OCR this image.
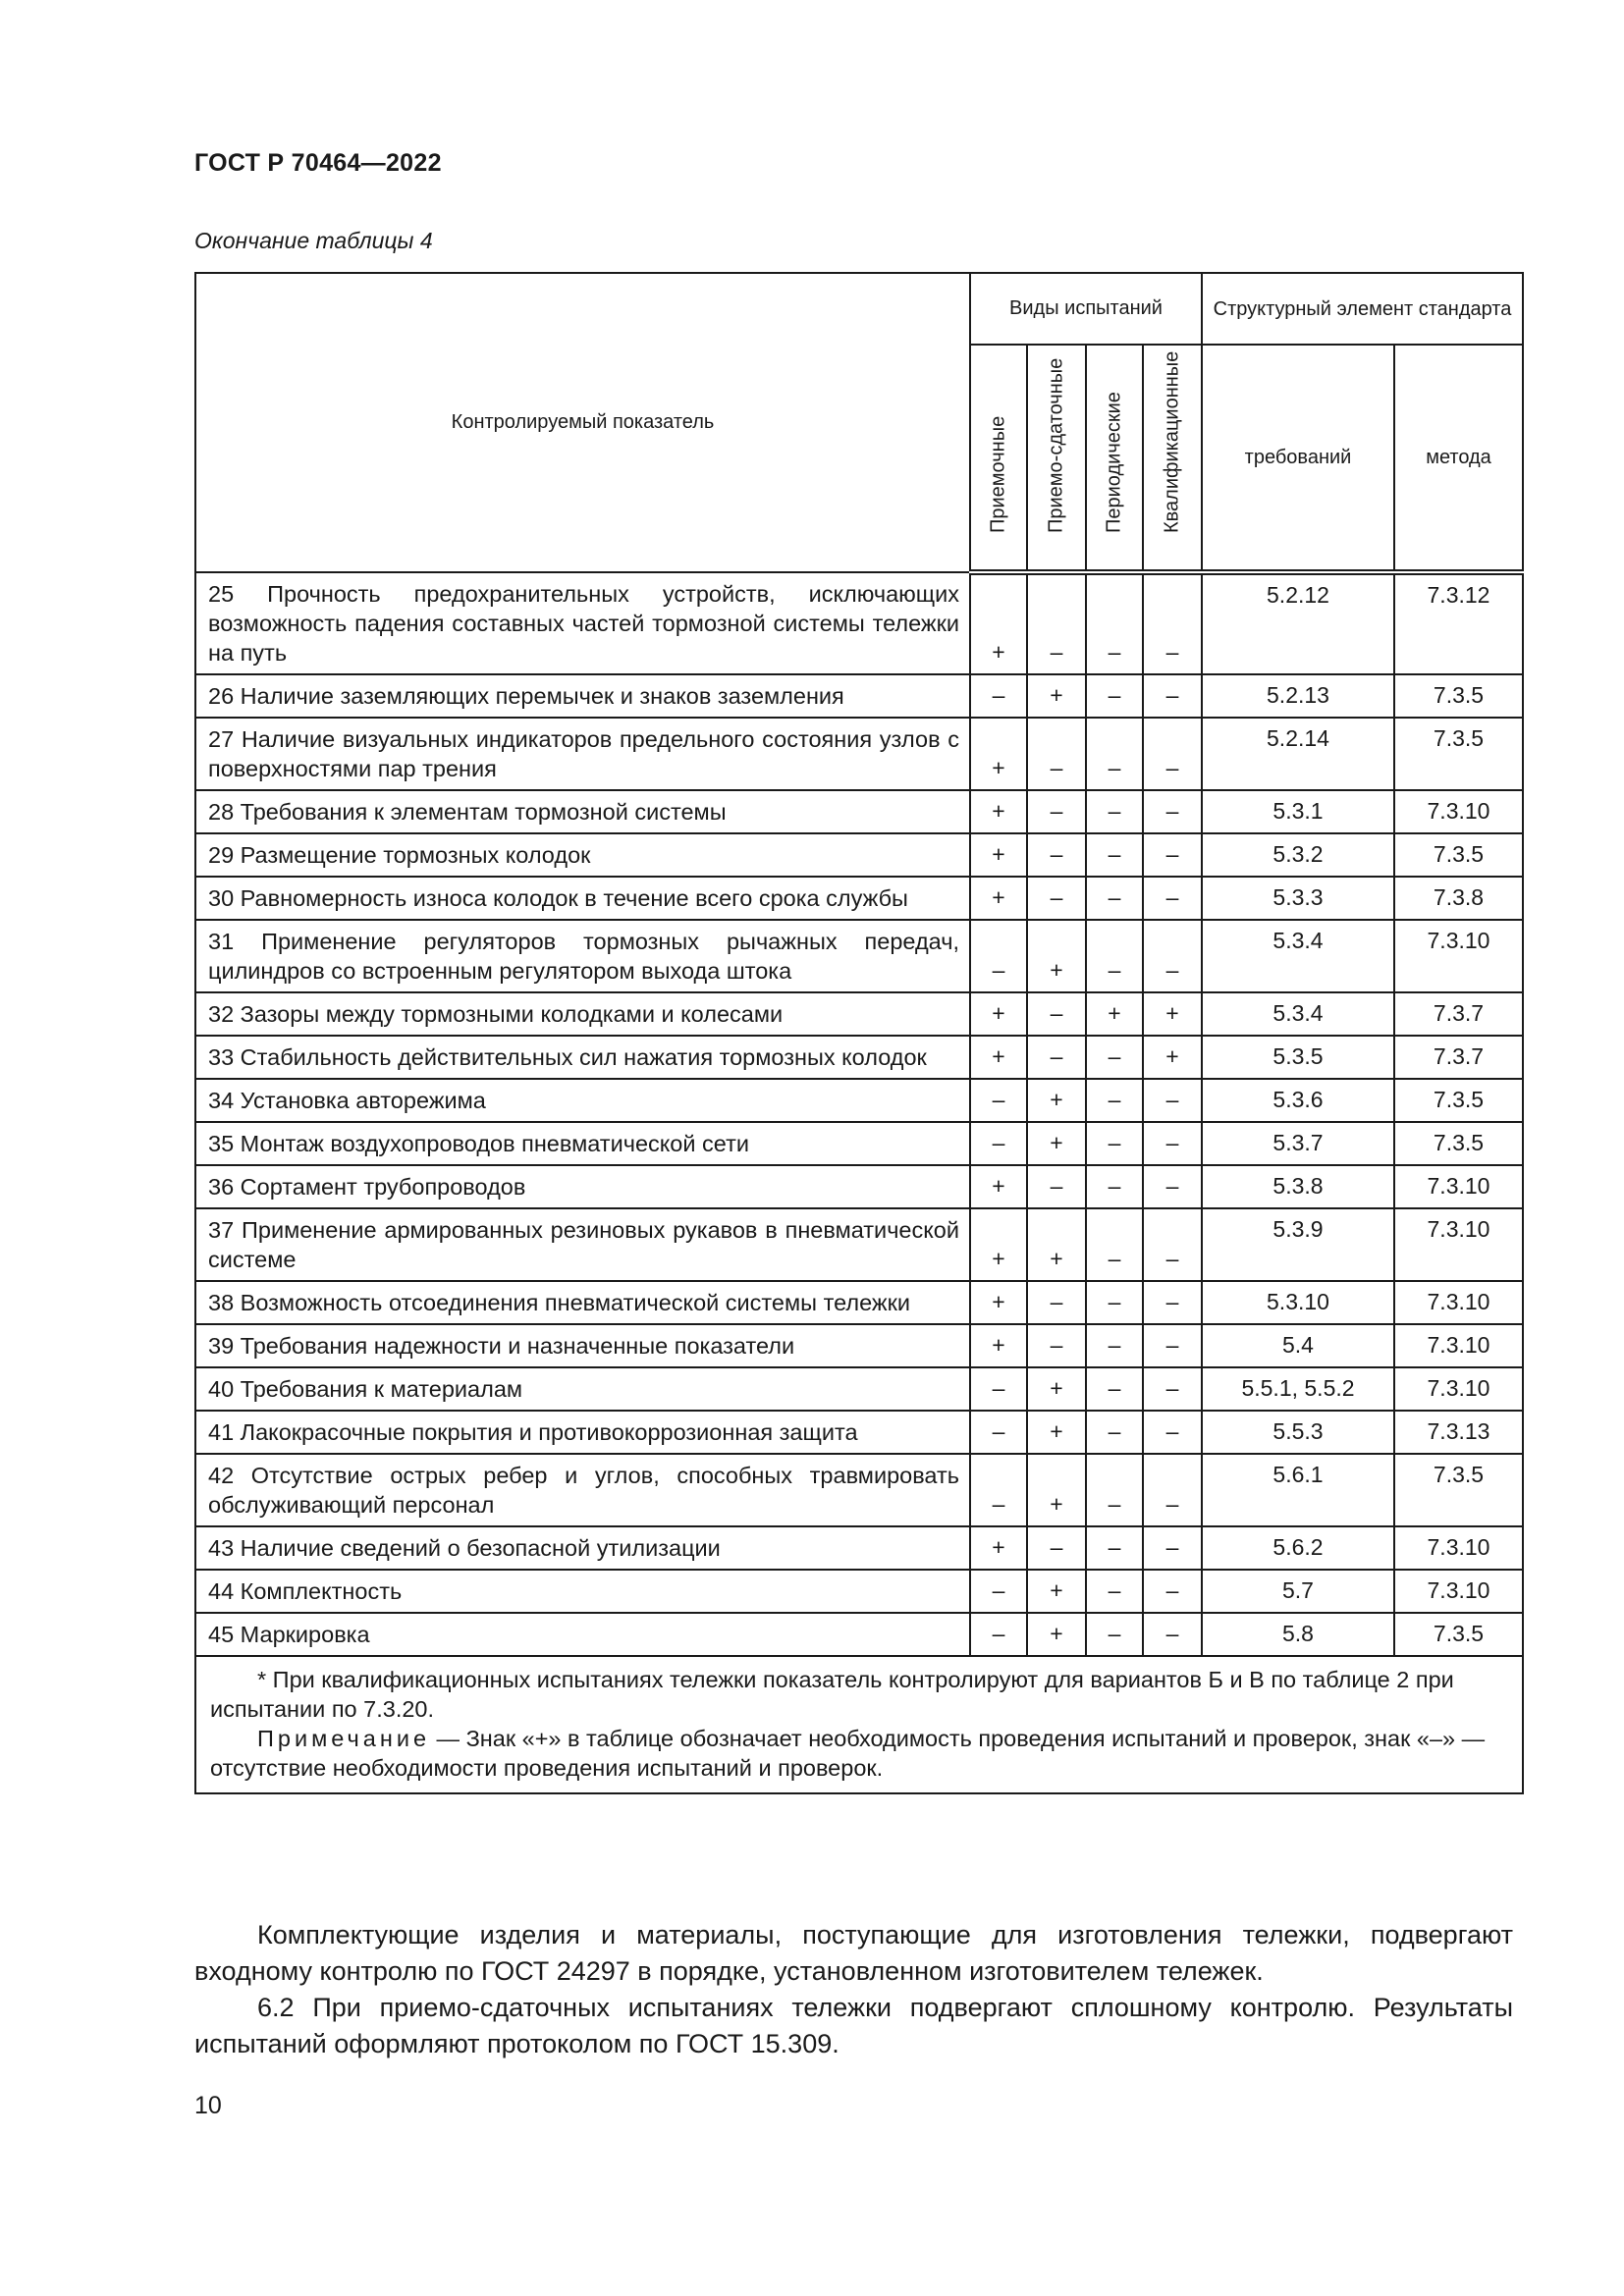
ГОСТ Р 70464—2022
Окончание таблицы 4
Контролируемый показатель	Виды испытаний				Структурный элемент стандарта	

	Приемочные	Приемо-сдаточные	Периодические	Квалификационные	требований	метода
25 Прочность предохранительных устройств, исключающих возможность падения составных частей тормозной системы тележки на путь	+	–	–	–	5.2.12	7.3.12
26 Наличие заземляющих перемычек и знаков заземления	–	+	–	–	5.2.13	7.3.5
27 Наличие визуальных индикаторов предельного состояния узлов с поверхностями пар трения	+	–	–	–	5.2.14	7.3.5
28 Требования к элементам тормозной системы	+	–	–	–	5.3.1	7.3.10
29 Размещение тормозных колодок	+	–	–	–	5.3.2	7.3.5
30 Равномерность износа колодок в течение всего срока службы	+	–	–	–	5.3.3	7.3.8
31 Применение регуляторов тормозных рычажных передач, цилиндров со встроенным регулятором выхода штока	–	+	–	–	5.3.4	7.3.10
32 Зазоры между тормозными колодками и колесами	+	–	+	+	5.3.4	7.3.7
33 Стабильность действительных сил нажатия тормозных колодок	+	–	–	+	5.3.5	7.3.7
34 Установка авторежима	–	+	–	–	5.3.6	7.3.5
35 Монтаж воздухопроводов пневматической сети	–	+	–	–	5.3.7	7.3.5
36 Сортамент трубопроводов	+	–	–	–	5.3.8	7.3.10
37 Применение армированных резиновых рукавов в пневматической системе	+	+	–	–	5.3.9	7.3.10
38 Возможность отсоединения пневматической системы тележки	+	–	–	–	5.3.10	7.3.10
39 Требования надежности и назначенные показатели	+	–	–	–	5.4	7.3.10
40 Требования к материалам	–	+	–	–	5.5.1, 5.5.2	7.3.10
41 Лакокрасочные покрытия и противокоррозионная защита	–	+	–	–	5.5.3	7.3.13
42 Отсутствие острых ребер и углов, способных травмировать обслуживающий персонал	–	+	–	–	5.6.1	7.3.5
43 Наличие сведений о безопасной утилизации	+	–	–	–	5.6.2	7.3.10
44 Комплектность	–	+	–	–	5.7	7.3.10
45 Маркировка	–	+	–	–	5.8	7.3.5

* При квалификационных испытаниях тележки показатель контролируют для вариантов Б и В по таблице 2 при испытании по 7.3.20.

Примечание — Знак «+» в таблице обозначает необходимость проведения испытаний и проверок, знак «–» — отсутствие необходимости проведения испытаний и проверок.						

Комплектующие изделия и материалы, поступающие для изготовления тележки, подвергают входному контролю по ГОСТ 24297 в порядке, установленном изготовителем тележек.

6.2 При приемо-сдаточных испытаниях тележки подвергают сплошному контролю. Результаты испытаний оформляют протоколом по ГОСТ 15.309.

10
